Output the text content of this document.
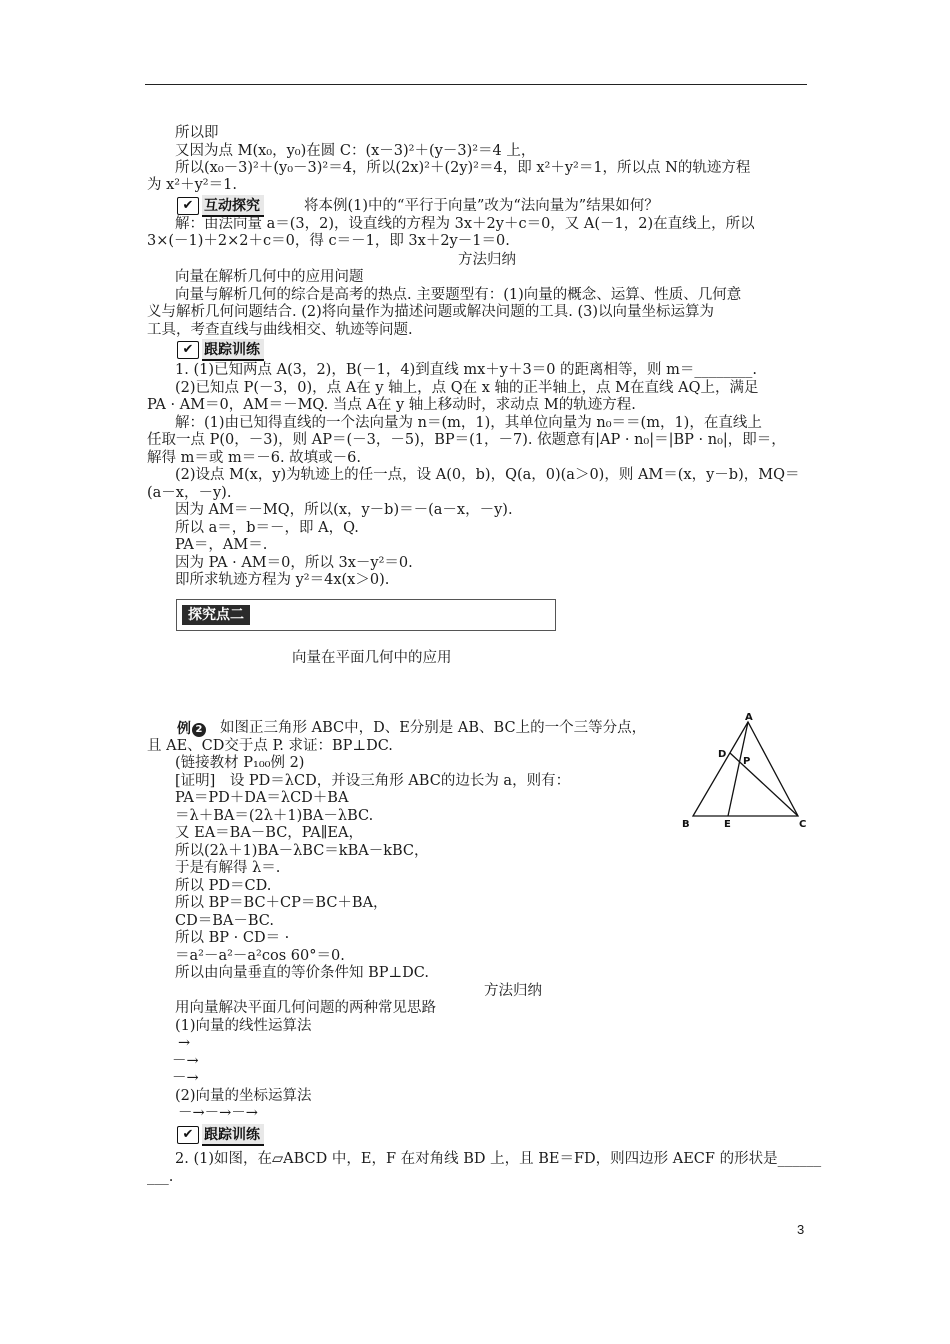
所以即
又因为点 M(x₀，y₀)在圆 C：(x－3)²＋(y－3)²＝4 上，
所以(x₀－3)²＋(y₀－3)²＝4，所以(2x)²＋(2y)²＝4，即 x²＋y²＝1，所以点 N的轨迹方程
为 x²＋y²＝1.
✔ 互动探究	将本例(1)中的“平行于向量”改为“法向量为”结果如何？
解：由法向量 a＝(3，2)，设直线的方程为 3x＋2y＋c＝0，又 A(－1，2)在直线上，所以
3×(－1)＋2×2＋c＝0，得 c＝－1，即 3x＋2y－1＝0.
方法归纳
向量在解析几何中的应用问题
向量与解析几何的综合是高考的热点. 主要题型有：(1)向量的概念、运算、性质、几何意
义与解析几何问题结合. (2)将向量作为描述问题或解决问题的工具. (3)以向量坐标运算为
工具，考查直线与曲线相交、轨迹等问题.
✔ 跟踪训练
1. (1)已知两点 A(3，2)，B(－1，4)到直线 mx＋y＋3＝0 的距离相等，则 m＝________.
(2)已知点 P(－3，0)，点 A在 y 轴上，点 Q在 x 轴的正半轴上，点 M在直线 AQ上，满足
PA · AM＝0，AM＝－MQ. 当点 A在 y 轴上移动时，求动点 M的轨迹方程.
解：(1)由已知得直线的一个法向量为 n＝(m，1)，其单位向量为 n₀＝＝(m，1)，在直线上
任取一点 P(0，－3)，则 AP＝(－3，－5)，BP＝(1，－7). 依题意有|AP · n₀|＝|BP · n₀|，即＝，
解得 m＝或 m＝－6. 故填或－6.
(2)设点 M(x，y)为轨迹上的任一点，设 A(0，b)，Q(a，0)(a＞0)，则 AM＝(x，y－b)，MQ＝
(a－x，－y).
因为 AM＝－MQ，所以(x，y－b)＝－(a－x，－y).
所以 a＝，b＝－，即 A，Q.
PA＝，AM＝.
因为 PA · AM＝0，所以 3x－y²＝0.
即所求轨迹方程为 y²＝4x(x＞0).
探究点二
向量在平面几何中的应用
例 2 如图正三角形 ABC中，D、E分别是 AB、BC上的一个三等分点，
且 AE、CD交于点 P. 求证：BP⊥DC.
(链接教材 P₁₀₀例 2)
[证明]　设 PD＝λCD，并设三角形 ABC的边长为 a，则有：
PA＝PD＋DA＝λCD＋BA
＝λ＋BA＝(2λ＋1)BA－λBC.
又 EA＝BA－BC，PA∥EA，
所以(2λ＋1)BA－λBC＝kBA－kBC，
于是有解得 λ＝.
所以 PD＝CD.
所以 BP＝BC＋CP＝BC＋BA，
CD＝BA－BC.
所以 BP · CD＝ ·
＝a²－a²－a²cos 60°＝0.
所以由向量垂直的等价条件知 BP⊥DC.
A
B	C
D
E
P
方法归纳
用向量解决平面几何问题的两种常见思路
(1)向量的线性运算法
→
－→
－→
(2)向量的坐标运算法
－→－→－→
✔ 跟踪训练
2. (1)如图，在▱ABCD 中，E，F 在对角线 BD 上，且 BE＝FD，则四边形 AECF 的形状是______
___.
3
